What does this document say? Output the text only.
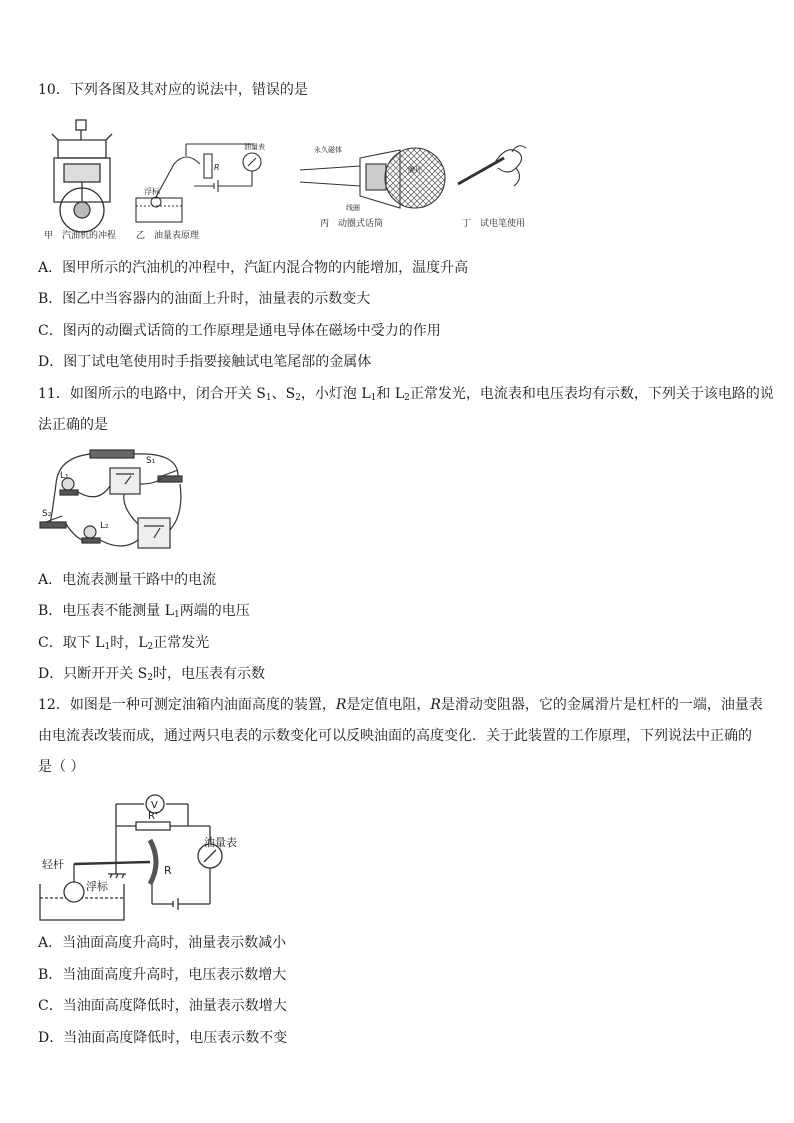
10．下列各图及其对应的说法中，错误的是
甲　汽油机的冲程
浮标
R
油量表
乙　油量表原理
永久磁体
膜片
线圈
丙　动圈式话筒	丁　试电笔使用
A．图甲所示的汽油机的冲程中，汽缸内混合物的内能增加，温度升高
B．图乙中当容器内的油面上升时，油量表的示数变大
C．图丙的动圈式话筒的工作原理是通电导体在磁场中受力的作用
D．图丁试电笔使用时手指要接触试电笔尾部的金属体
11．如图所示的电路中，闭合开关 $S_1$、$S_2$，小灯泡 $L_1$和 $L_2$正常发光，电流表和电压表均有示数，下列关于该电路的说
法正确的是
S₁
L₁
S₂
L₂
A．电流表测量干路中的电流
B．电压表不能测量 $L_1$两端的电压
C．取下 $L_1$时，$L_2$正常发光
D．只断开开关 $S_2$时，电压表有示数
12．如图是一种可测定油箱内油面高度的装置，R是定值电阻，R是滑动变阻器，它的金属滑片是杠杆的一端，油量表
由电流表改装而成，通过两只电表的示数变化可以反映油面的高度变化．关于此装置的工作原理，下列说法中正确的
是（ ）
V
R'
R
油量表
轻杆
浮标
A．当油面高度升高时，油量表示数减小
B．当油面高度升高时，电压表示数增大
C．当油面高度降低时，油量表示数增大
D．当油面高度降低时，电压表示数不变
